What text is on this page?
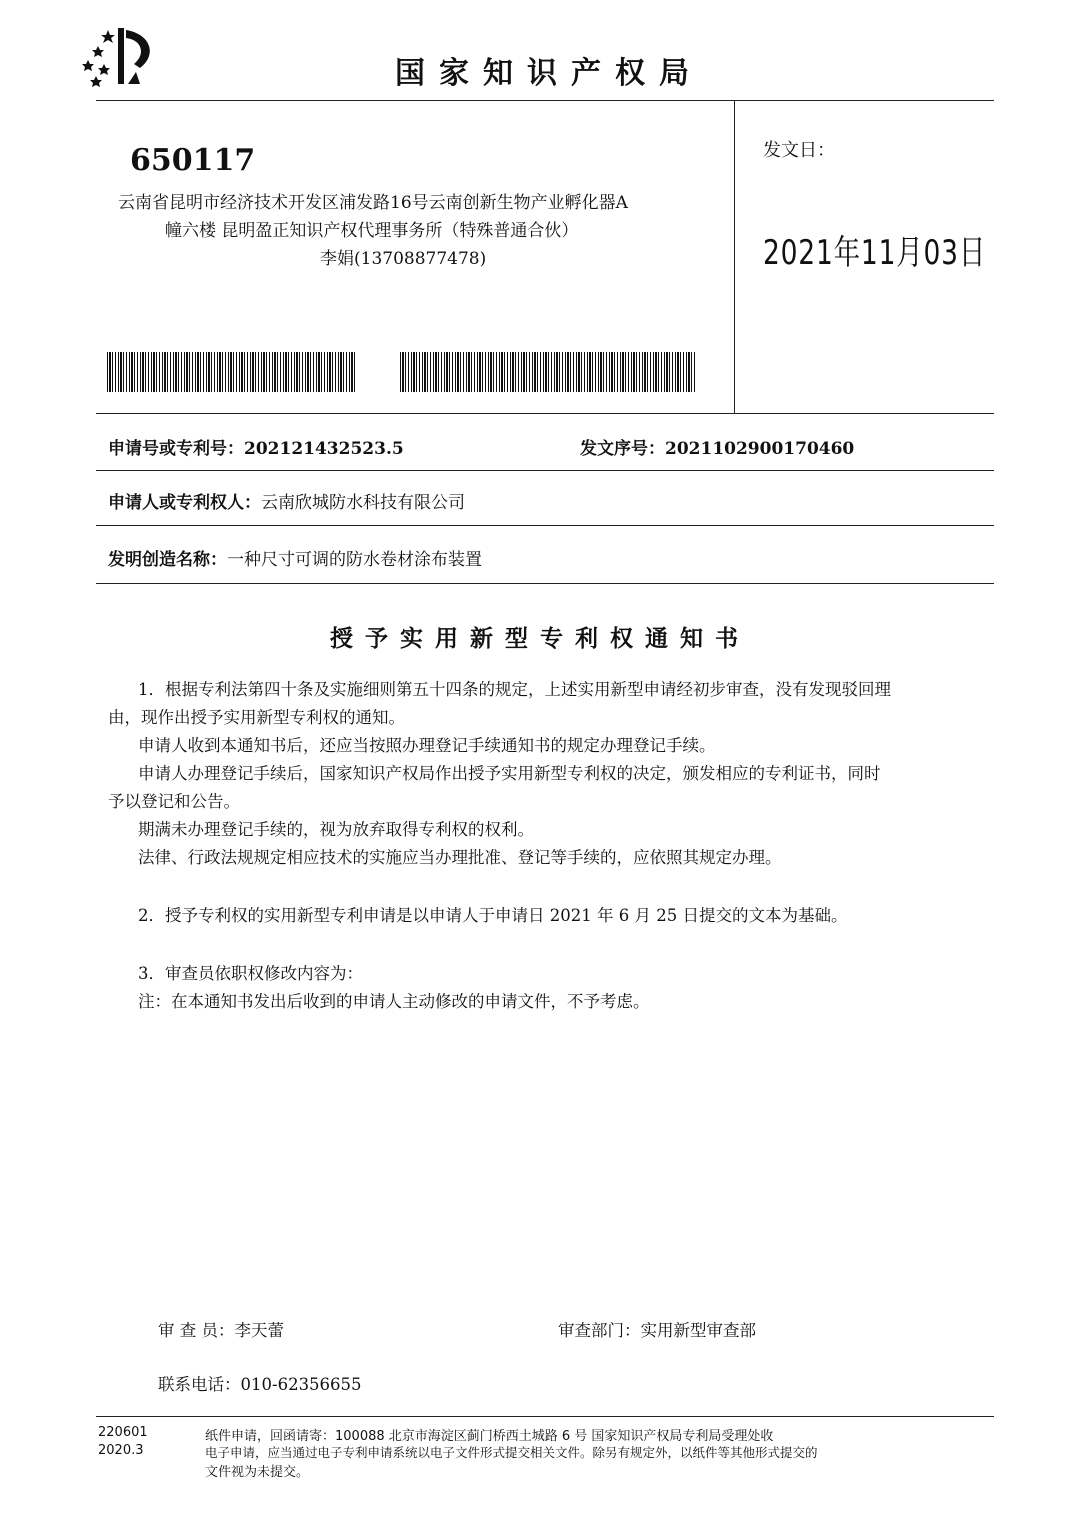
国家知识产权局
650117
云南省昆明市经济技术开发区浦发路16号云南创新生物产业孵化器A
幢六楼 昆明盈正知识产权代理事务所（特殊普通合伙）
李娟(13708877478)
发文日：
2021年11月03日
申请号或专利号：202121432523.5	发文序号：2021102900170460
申请人或专利权人：云南欣城防水科技有限公司
发明创造名称：一种尺寸可调的防水卷材涂布装置
授予实用新型专利权通知书
1．根据专利法第四十条及实施细则第五十四条的规定，上述实用新型申请经初步审查，没有发现驳回理
由，现作出授予实用新型专利权的通知。
申请人收到本通知书后，还应当按照办理登记手续通知书的规定办理登记手续。
申请人办理登记手续后，国家知识产权局作出授予实用新型专利权的决定，颁发相应的专利证书，同时
予以登记和公告。
期满未办理登记手续的，视为放弃取得专利权的权利。
法律、行政法规规定相应技术的实施应当办理批准、登记等手续的，应依照其规定办理。
2．授予专利权的实用新型专利申请是以申请人于申请日 2021 年 6 月 25 日提交的文本为基础。
3．审查员依职权修改内容为：
注：在本通知书发出后收到的申请人主动修改的申请文件，不予考虑。
审 查 员：李天蕾	审查部门：实用新型审查部
联系电话：010-62356655
220601
2020.3
纸件申请，回函请寄：100088 北京市海淀区蓟门桥西土城路 6 号 国家知识产权局专利局受理处收
电子申请，应当通过电子专利申请系统以电子文件形式提交相关文件。除另有规定外，以纸件等其他形式提交的
文件视为未提交。
